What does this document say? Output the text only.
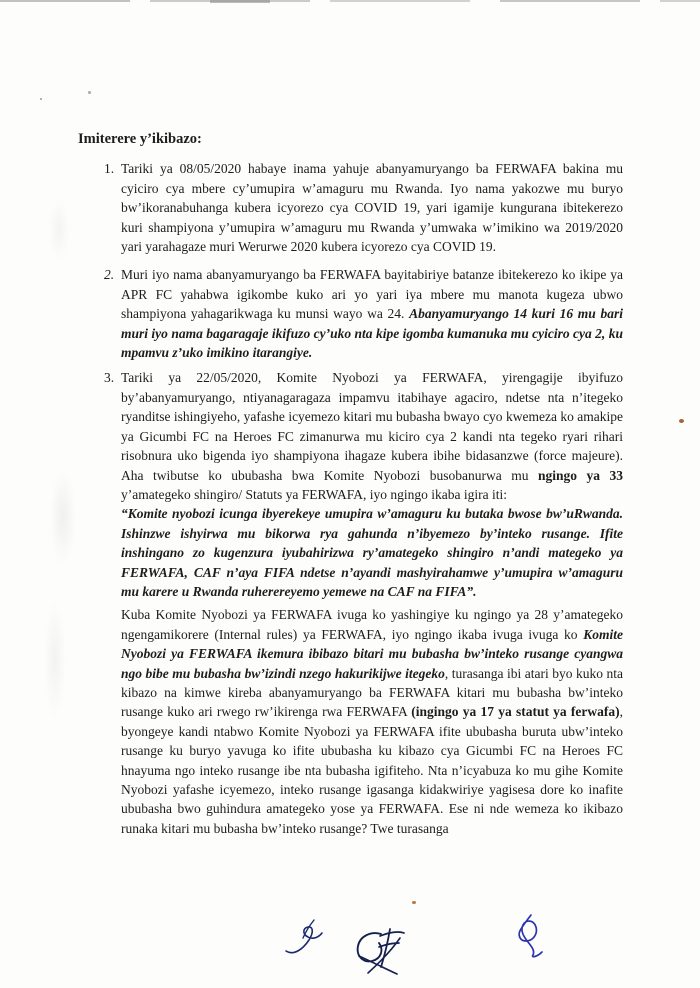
Imiterere y’ikibazo:
1. Tariki ya 08/05/2020 habaye inama yahuje abanyamuryango ba FERWAFA bakina mu cyiciro cya mbere cy’umupira w’amaguru mu Rwanda. Iyo nama yakozwe mu buryo bw’ikoranabuhanga kubera icyorezo cya COVID 19, yari igamije kungurana ibitekerezo kuri shampiyona y’umupira w’amaguru mu Rwanda y’umwaka w’imikino wa 2019/2020 yari yarahagaze muri Werurwe 2020 kubera icyorezo cya COVID 19.
2. Muri iyo nama abanyamuryango ba FERWAFA bayitabiriye batanze ibitekerezo ko ikipe ya APR FC yahabwa igikombe kuko ari yo yari iya mbere mu manota kugeza ubwo shampiyona yahagarikwaga ku munsi wayo wa 24. Abanyamuryango 14 kuri 16 mu bari muri iyo nama bagaragaje ikifuzo cy’uko nta kipe igomba kumanuka mu cyiciro cya 2, ku mpamvu z’uko imikino itarangiye.
3. Tariki ya 22/05/2020, Komite Nyobozi ya FERWAFA, yirengagije ibyifuzo by’abanyamuryango, ntiyanagaragaza impamvu itabihaye agaciro, ndetse nta n’itegeko ryanditse ishingiyeho, yafashe icyemezo kitari mu bubasha bwayo cyo kwemeza ko amakipe ya Gicumbi FC na Heroes FC zimanurwa mu kiciro cya 2 kandi nta tegeko ryari rihari risobnura uko bigenda iyo shampiyona ihagaze kubera ibihe bidasanzwe (force majeure). Aha twibutse ko ububasha bwa Komite Nyobozi busobanurwa mu ngingo ya 33 y’amategeko shingiro/ Statuts ya FERWAFA, iyo ngingo ikaba igira iti:
“Komite nyobozi icunga ibyerekeye umupira w’amaguru ku butaka bwose bw’uRwanda. Ishinzwe ishyirwa mu bikorwa rya gahunda n’ibyemezo by’inteko rusange. Ifite inshingano zo kugenzura iyubahirizwa ry’amategeko shingiro n’andi mategeko ya FERWAFA, CAF n’aya FIFA ndetse n’ayandi mashyirahamwe y’umupira w’amaguru mu karere u Rwanda ruherereyemo yemewe na CAF na FIFA”.
Kuba Komite Nyobozi ya FERWAFA ivuga ko yashingiye ku ngingo ya 28 y’amategeko ngengamikorere (Internal rules) ya FERWAFA, iyo ngingo ikaba ivuga ivuga ko Komite Nyobozi ya FERWAFA ikemura ibibazo bitari mu bubasha bw’inteko rusange cyangwa ngo bibe mu bubasha bw’izindi nzego hakurikijwe itegeko, turasanga ibi atari byo kuko nta kibazo na kimwe kireba abanyamuryango ba FERWAFA kitari mu bubasha bw’inteko rusange kuko ari rwego rw’ikirenga rwa FERWAFA (ingingo ya 17 ya statut ya ferwafa), byongeye kandi ntabwo Komite Nyobozi ya FERWAFA ifite ububasha buruta ubw’inteko rusange ku buryo yavuga ko ifite ububasha ku kibazo cya Gicumbi FC na Heroes FC hnayuma ngo inteko rusange ibe nta bubasha igifiteho. Nta n’icyabuza ko mu gihe Komite Nyobozi yafashe icyemezo, inteko rusange igasanga kidakwiriye yagisesa dore ko inafite ububasha bwo guhindura amategeko yose ya FERWAFA. Ese ni nde wemeza ko ikibazo runaka kitari mu bubasha bw’inteko rusange? Twe turasanga
